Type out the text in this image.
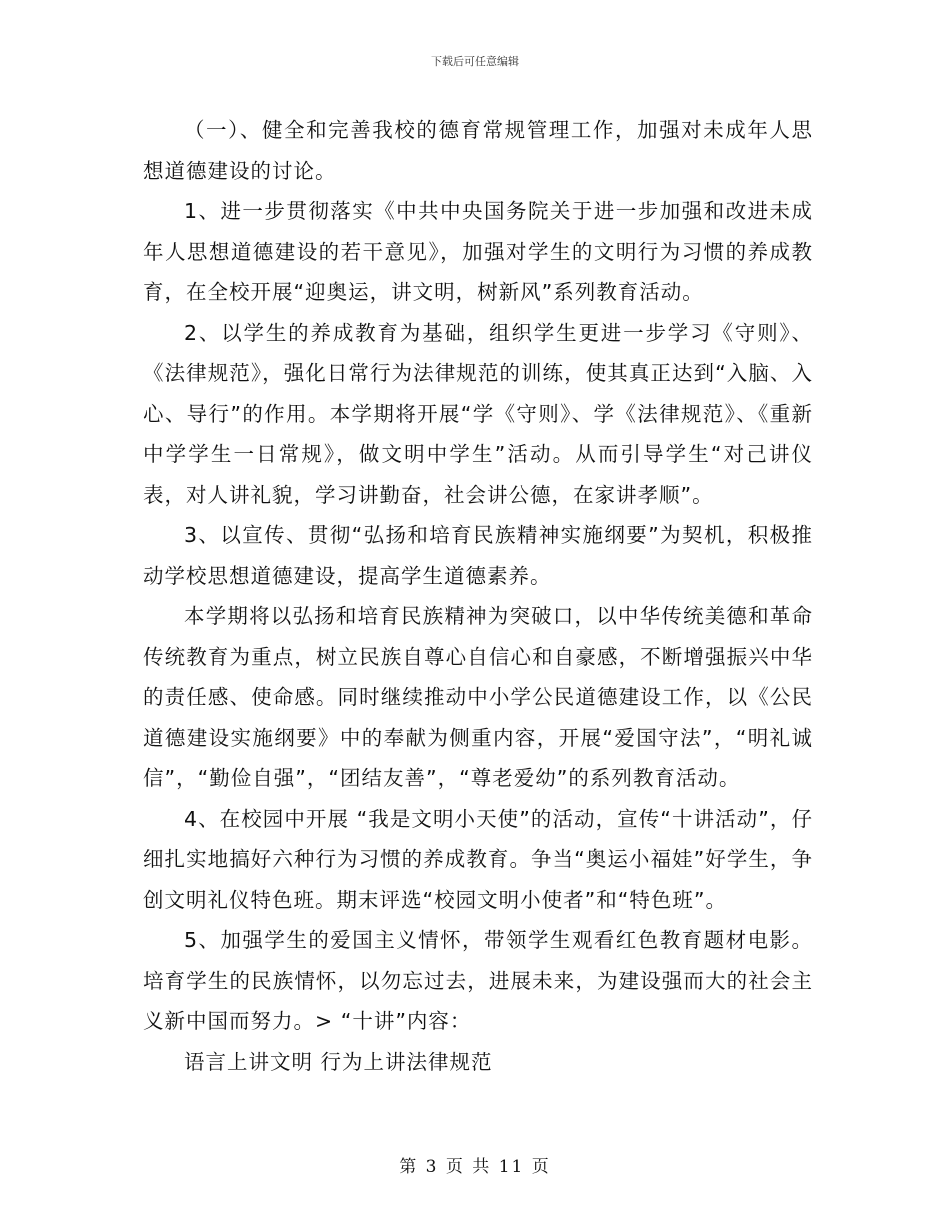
下载后可任意编辑

（一）、健全和完善我校的德育常规管理工作，加强对未成年人思想道德建设的讨论。

1、进一步贯彻落实《中共中央国务院关于进一步加强和改进未成年人思想道德建设的若干意见》，加强对学生的文明行为习惯的养成教育，在全校开展“迎奥运，讲文明，树新风”系列教育活动。

2、以学生的养成教育为基础，组织学生更进一步学习《守则》、《法律规范》，强化日常行为法律规范的训练，使其真正达到“入脑、入心、导行”的作用。本学期将开展“学《守则》、学《法律规范》、《重新中学学生一日常规》，做文明中学生”活动。从而引导学生“对己讲仪表，对人讲礼貌，学习讲勤奋，社会讲公德，在家讲孝顺”。

3、以宣传、贯彻“弘扬和培育民族精神实施纲要”为契机，积极推动学校思想道德建设，提高学生道德素养。

本学期将以弘扬和培育民族精神为突破口，以中华传统美德和革命传统教育为重点，树立民族自尊心自信心和自豪感，不断增强振兴中华的责任感、使命感。同时继续推动中小学公民道德建设工作，以《公民道德建设实施纲要》中的奉献为侧重内容，开展“爱国守法”，“明礼诚信”，“勤俭自强”，“团结友善”，“尊老爱幼”的系列教育活动。

4、在校园中开展 “我是文明小天使”的活动，宣传“十讲活动”，仔细扎实地搞好六种行为习惯的养成教育。争当“奥运小福娃”好学生，争创文明礼仪特色班。期末评选“校园文明小使者”和“特色班”。

5、加强学生的爱国主义情怀，带领学生观看红色教育题材电影。培育学生的民族情怀，以勿忘过去，进展未来，为建设强而大的社会主义新中国而努力。> “十讲”内容：

语言上讲文明 行为上讲法律规范

第 3 页 共 11 页
